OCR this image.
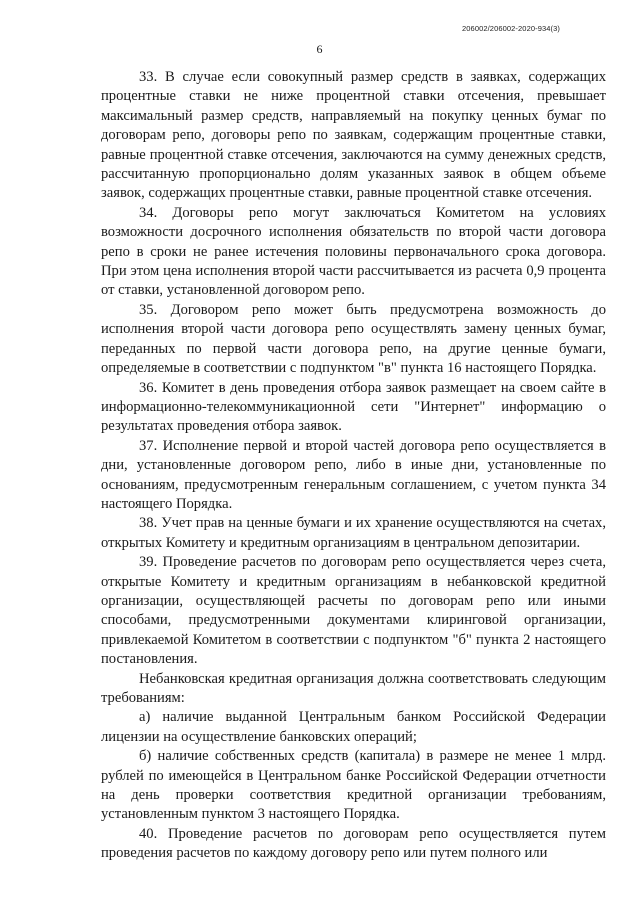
206002/206002-2020-934(3)
6

33. В случае если совокупный размер средств в заявках, содержащих процентные ставки не ниже процентной ставки отсечения, превышает максимальный размер средств, направляемый на покупку ценных бумаг по договорам репо, договоры репо по заявкам, содержащим процентные ставки, равные процентной ставке отсечения, заключаются на сумму денежных средств, рассчитанную пропорционально долям указанных заявок в общем объеме заявок, содержащих процентные ставки, равные процентной ставке отсечения.

34. Договоры репо могут заключаться Комитетом на условиях возможности досрочного исполнения обязательств по второй части договора репо в сроки не ранее истечения половины первоначального срока договора. При этом цена исполнения второй части рассчитывается из расчета 0,9 процента от ставки, установленной договором репо.

35. Договором репо может быть предусмотрена возможность до исполнения второй части договора репо осуществлять замену ценных бумаг, переданных по первой части договора репо, на другие ценные бумаги, определяемые в соответствии с подпунктом "в" пункта 16 настоящего Порядка.

36. Комитет в день проведения отбора заявок размещает на своем сайте в информационно-телекоммуникационной сети "Интернет" информацию о результатах проведения отбора заявок.

37. Исполнение первой и второй частей договора репо осуществляется в дни, установленные договором репо, либо в иные дни, установленные по основаниям, предусмотренным генеральным соглашением, с учетом пункта 34 настоящего Порядка.

38. Учет прав на ценные бумаги и их хранение осуществляются на счетах, открытых Комитету и кредитным организациям в центральном депозитарии.

39. Проведение расчетов по договорам репо осуществляется через счета, открытые Комитету и кредитным организациям в небанковской кредитной организации, осуществляющей расчеты по договорам репо или иными способами, предусмотренными документами клиринговой организации, привлекаемой Комитетом в соответствии с подпунктом "б" пункта 2 настоящего постановления.

Небанковская кредитная организация должна соответствовать следующим требованиям:

а) наличие выданной Центральным банком Российской Федерации лицензии на осуществление банковских операций;

б) наличие собственных средств (капитала) в размере не менее 1 млрд. рублей по имеющейся в Центральном банке Российской Федерации отчетности на день проверки соответствия кредитной организации требованиям, установленным пунктом 3 настоящего Порядка.

40. Проведение расчетов по договорам репо осуществляется путем проведения расчетов по каждому договору репо или путем полного или
